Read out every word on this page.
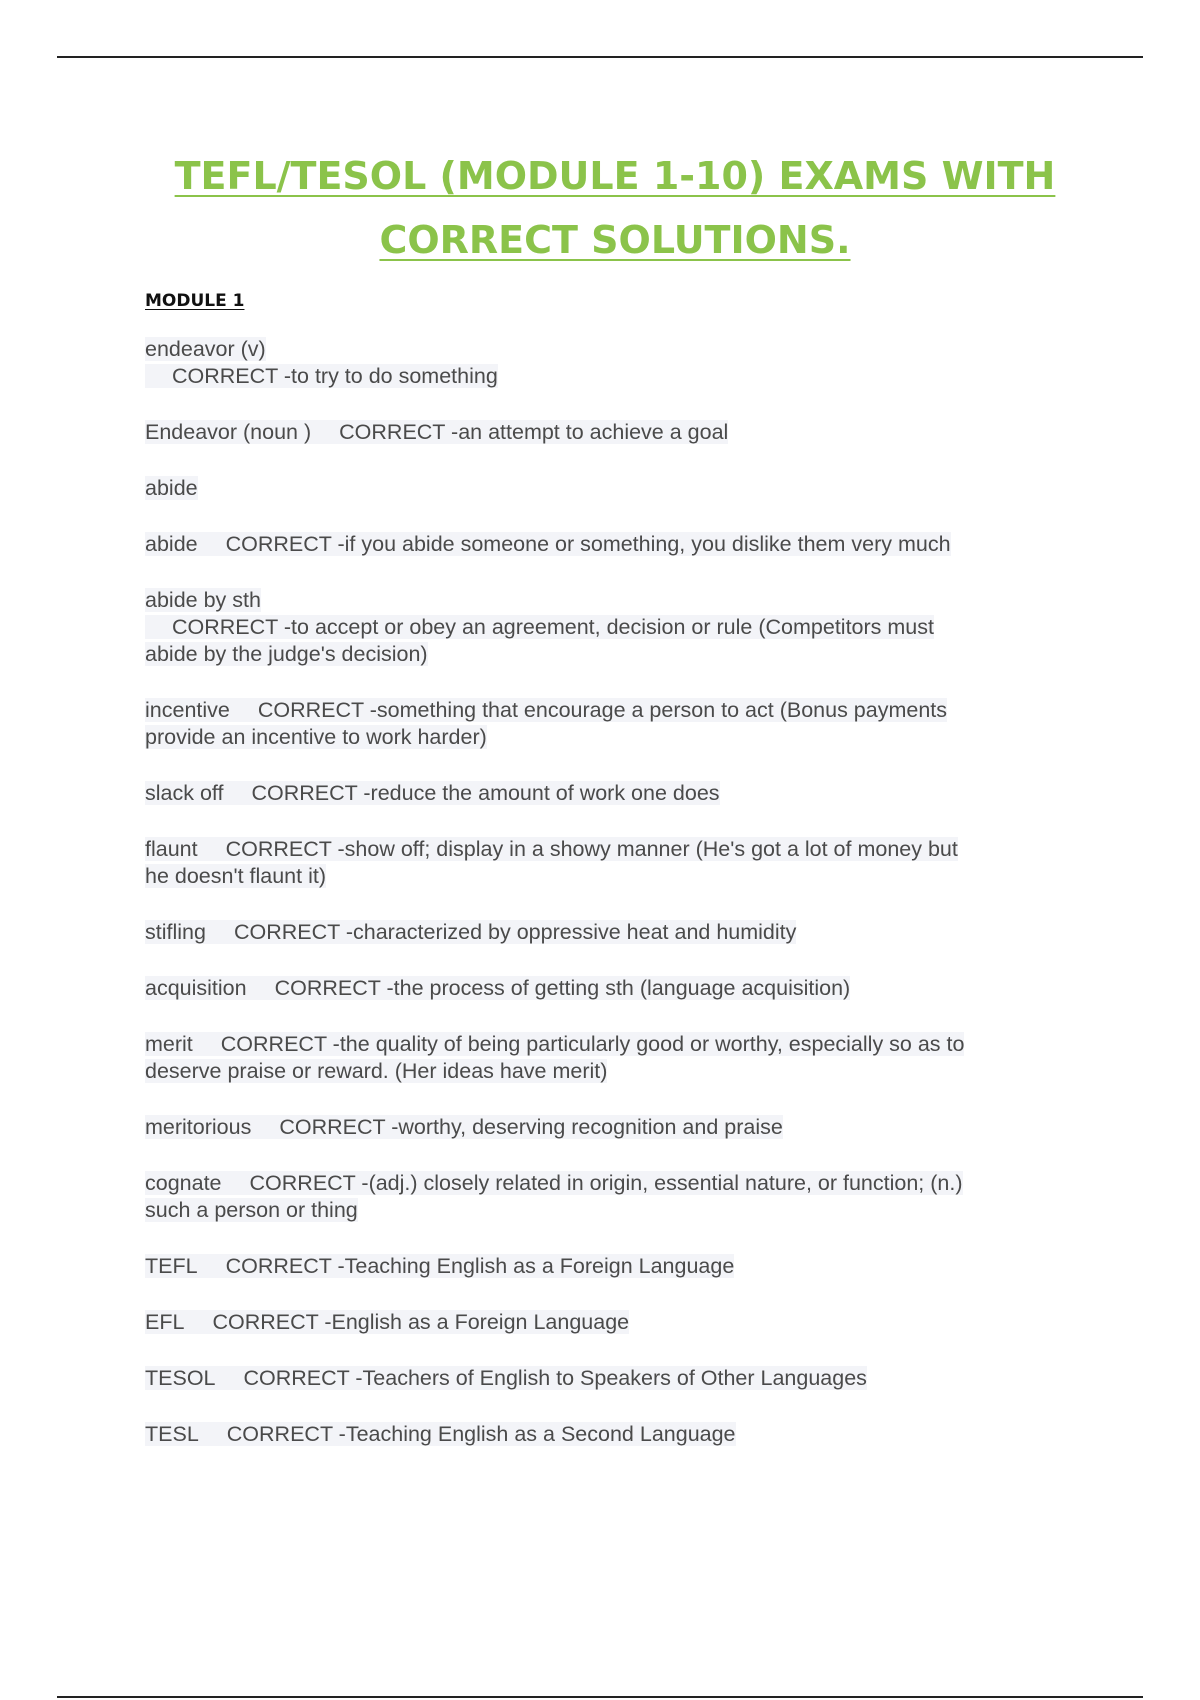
TEFL/TESOL (MODULE 1-10) EXAMS WITH
CORRECT SOLUTIONS.
MODULE 1
endeavor (v)
CORRECT -to try to do something
Endeavor (noun ) CORRECT -an attempt to achieve a goal
abide
abide CORRECT -if you abide someone or something, you dislike them very much
abide by sth
CORRECT -to accept or obey an agreement, decision or rule (Competitors must
abide by the judge's decision)
incentive CORRECT -something that encourage a person to act (Bonus payments
provide an incentive to work harder)
slack off CORRECT -reduce the amount of work one does
flaunt CORRECT -show off; display in a showy manner (He's got a lot of money but
he doesn't flaunt it)
stifling CORRECT -characterized by oppressive heat and humidity
acquisition CORRECT -the process of getting sth (language acquisition)
merit CORRECT -the quality of being particularly good or worthy, especially so as to
deserve praise or reward. (Her ideas have merit)
meritorious CORRECT -worthy, deserving recognition and praise
cognate CORRECT -(adj.) closely related in origin, essential nature, or function; (n.)
such a person or thing
TEFL CORRECT -Teaching English as a Foreign Language
EFL CORRECT -English as a Foreign Language
TESOL CORRECT -Teachers of English to Speakers of Other Languages
TESL CORRECT -Teaching English as a Second Language
